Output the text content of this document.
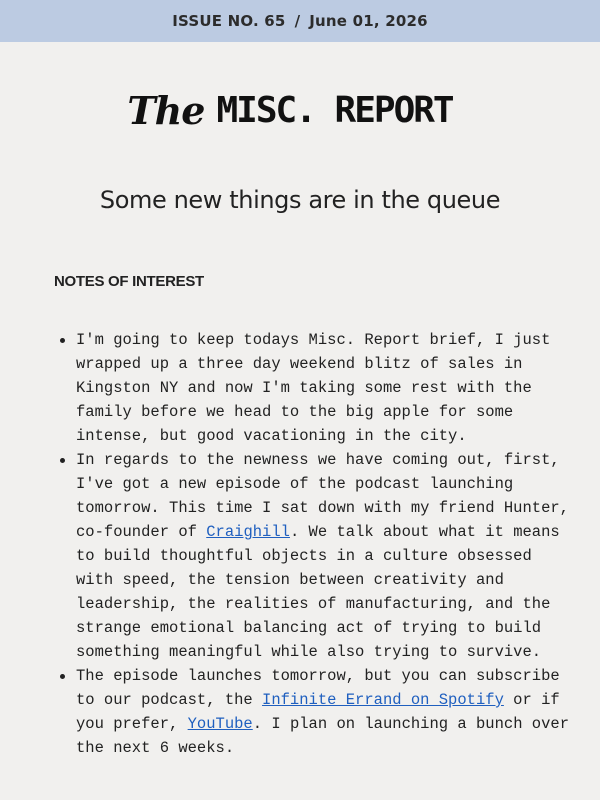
ISSUE NO. 65 / June 01, 2026
The MISC. REPORT
Some new things are in the queue
NOTES OF INTEREST
I'm going to keep todays Misc. Report brief, I just wrapped up a three day weekend blitz of sales in Kingston NY and now I'm taking some rest with the family before we head to the big apple for some intense, but good vacationing in the city.
In regards to the newness we have coming out, first, I've got a new episode of the podcast launching tomorrow. This time I sat down with my friend Hunter, co-founder of Craighill. We talk about what it means to build thoughtful objects in a culture obsessed with speed, the tension between creativity and leadership, the realities of manufacturing, and the strange emotional balancing act of trying to build something meaningful while also trying to survive.
The episode launches tomorrow, but you can subscribe to our podcast, the Infinite Errand on Spotify or if you prefer, YouTube. I plan on launching a bunch over the next 6 weeks.
